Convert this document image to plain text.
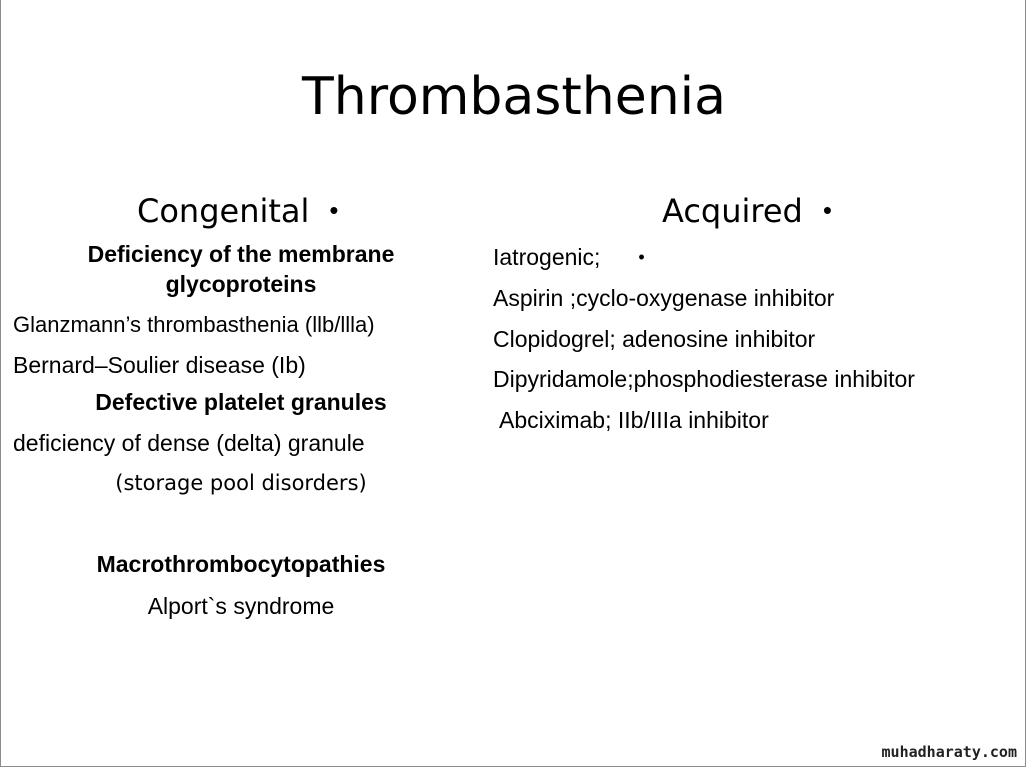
Thrombasthenia
Congenital •	Acquired •
Deficiency of the membrane
glycoproteins
Glanzmann’s thrombasthenia (llb/llla)
Bernard–Soulier disease (Ib)
Defective platelet granules
deficiency of dense (delta) granule
(storage pool disorders)
Macrothrombocytopathies
Alport`s syndrome
Iatrogenic; •
Aspirin ;cyclo-oxygenase inhibitor
Clopidogrel; adenosine inhibitor
Dipyridamole;phosphodiesterase inhibitor
Abciximab; IIb/IIIa inhibitor
muhadharaty.com
